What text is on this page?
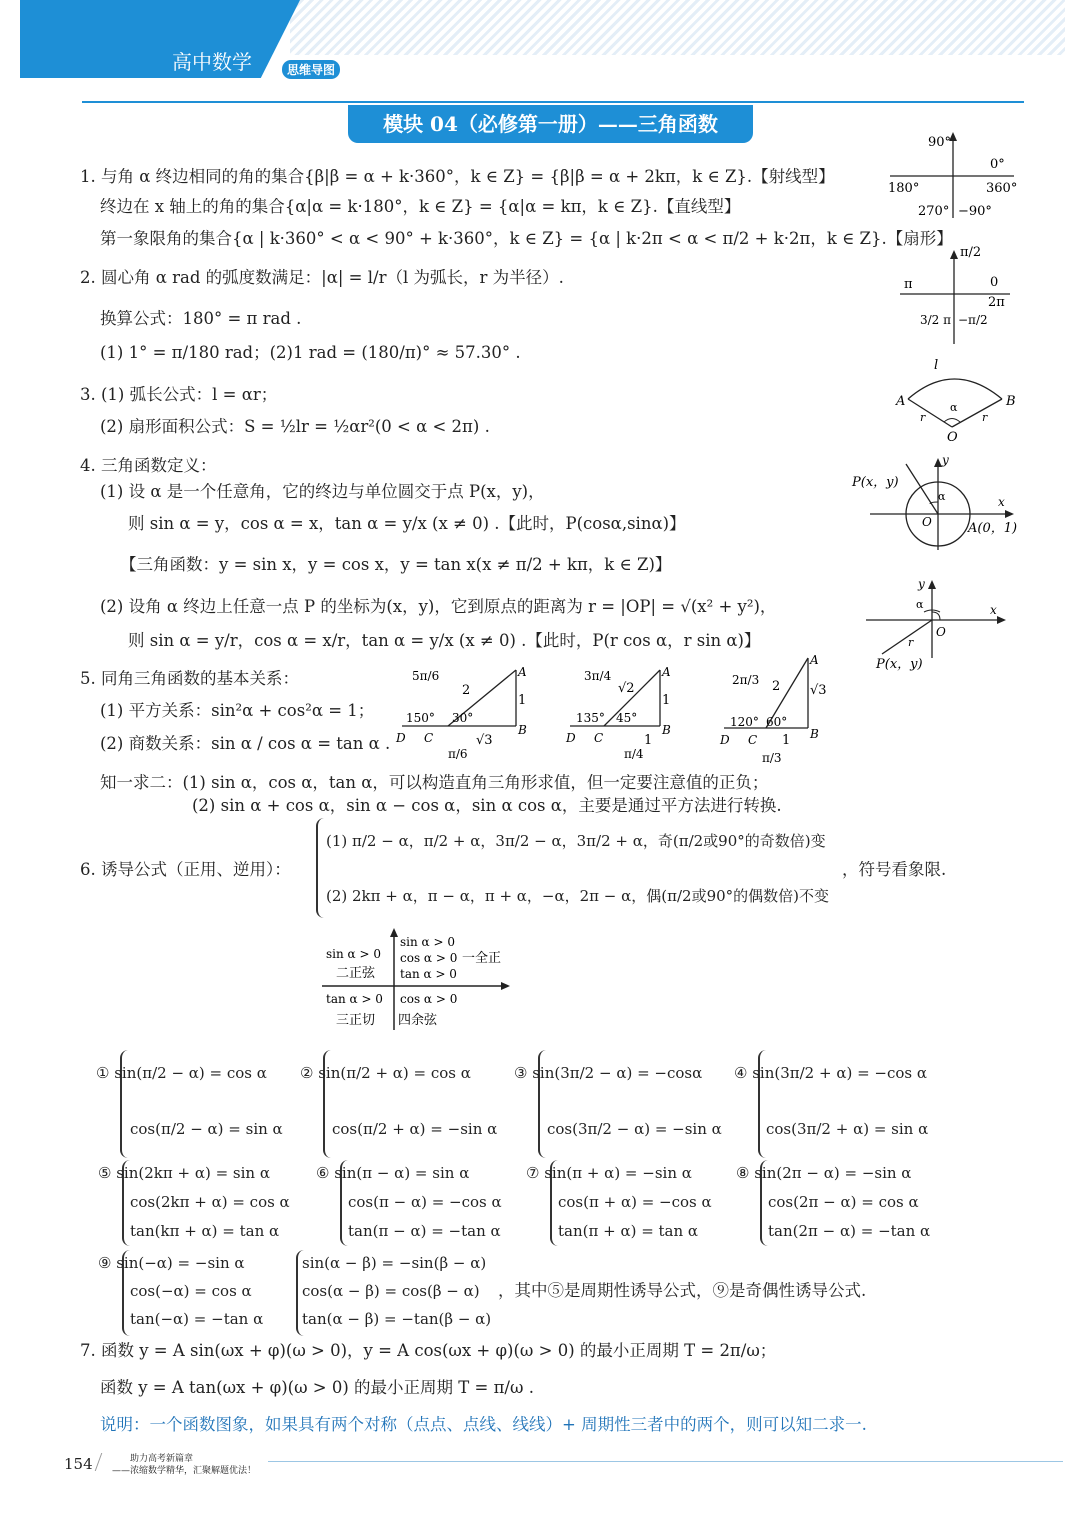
高中数学	思维导图
模块 04（必修第一册）——三角函数
1. 与角 α 终边相同的角的集合{β|β = α + k·360°，k ∈ Z} = {β|β = α + 2kπ，k ∈ Z}.【射线型】
终边在 x 轴上的角的集合{α|α = k·180°，k ∈ Z} = {α|α = kπ，k ∈ Z}.【直线型】
第一象限角的集合{α | k·360° < α < 90° + k·360°，k ∈ Z} = {α | k·2π < α < π/2 + k·2π，k ∈ Z}.【扇形】
2. 圆心角 α rad 的弧度数满足：|α| = l/r（l 为弧长，r 为半径）.
换算公式：180° = π rad .
(1) 1° = π/180 rad；(2)1 rad = (180/π)° ≈ 57.30° .
3. (1) 弧长公式：l = αr；
(2) 扇形面积公式：S = ½lr = ½αr²(0 < α < 2π) .
4. 三角函数定义：
(1) 设 α 是一个任意角，它的终边与单位圆交于点 P(x，y)，
则 sin α = y，cos α = x，tan α = y/x (x ≠ 0) .【此时，P(cosα,sinα)】
【三角函数：y = sin x，y = cos x，y = tan x(x ≠ π/2 + kπ，k ∈ Z)】
(2) 设角 α 终边上任意一点 P 的坐标为(x，y)，它到原点的距离为 r = |OP| = √(x² + y²)，
则 sin α = y/r，cos α = x/r，tan α = y/x (x ≠ 0) .【此时，P(r cos α，r sin α)】
5. 同角三角函数的基本关系：
(1) 平方关系：sin²α + cos²α = 1；
(2) 商数关系：sin α / cos α = tan α .
知一求二：(1) sin α，cos α，tan α，可以构造直角三角形求值，但一定要注意值的正负；
(2) sin α + cos α，sin α − cos α，sin α cos α，主要是通过平方法进行转换.
6. 诱导公式（正用、逆用）：
(1) π/2 − α，π/2 + α，3π/2 − α，3π/2 + α，奇(π/2或90°的奇数倍)变
(2) 2kπ + α，π − α，π + α，−α，2π − α，偶(π/2或90°的偶数倍)不变
，符号看象限.
sin α > 0
二正弦
sin α > 0
cos α > 0
tan α > 0
一全正
tan α > 0
三正切
cos α > 0
四余弦
① sin(π/2 − α) = cos α
cos(π/2 − α) = sin α
② sin(π/2 + α) = cos α
cos(π/2 + α) = −sin α
③ sin(3π/2 − α) = −cosα
cos(3π/2 − α) = −sin α
④ sin(3π/2 + α) = −cos α
cos(3π/2 + α) = sin α
⑤ sin(2kπ + α) = sin α
cos(2kπ + α) = cos α
tan(kπ + α) = tan α
⑥ sin(π − α) = sin α
cos(π − α) = −cos α
tan(π − α) = −tan α
⑦ sin(π + α) = −sin α
cos(π + α) = −cos α
tan(π + α) = tan α
⑧ sin(2π − α) = −sin α
cos(2π − α) = cos α
tan(2π − α) = −tan α
⑨ sin(−α) = −sin α
cos(−α) = cos α
tan(−α) = −tan α
sin(α − β) = −sin(β − α)
cos(α − β) = cos(β − α)
tan(α − β) = −tan(β − α)
，其中⑤是周期性诱导公式，⑨是奇偶性诱导公式.
7. 函数 y = A sin(ωx + φ)(ω > 0)，y = A cos(ωx + φ)(ω > 0) 的最小正周期 T = 2π/ω；
函数 y = A tan(ωx + φ)(ω > 0) 的最小正周期 T = π/ω .
说明：一个函数图象，如果具有两个对称（点点、点线、线线）+ 周期性三者中的两个，则可以知二求一.
90°
0°
180°	360°
270° −90°
π/2
0
2π
π
3/2 π −π/2
l
A	B
O
r	r
α
P(x，y)
y
x
O
α
A(0，1)
y
x
O
α
r
P(x，y)
5π/6
2
1
A
B
150° 30°
D C
π/6
√3
3π/4
√2
1
A
B
135° 45°
D C
π/4
1
2π/3 2 √3
A
B
120° 60°
D C
π/3
1
154	助力高考新篇章
——浓缩数学精华，汇聚解题优法！
